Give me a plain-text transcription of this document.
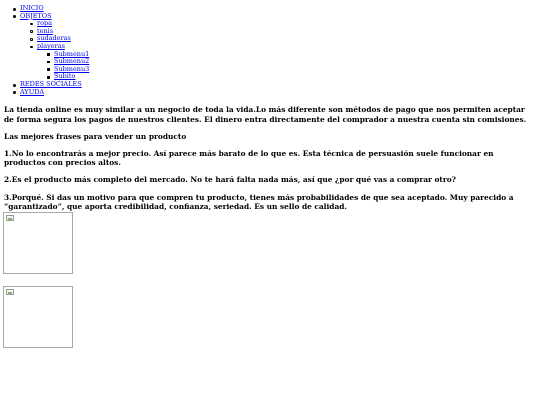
INICIO
OBJETOS
ropa
tenis
sudaderas
playeras
Submenu1
Submenu2
Submenu3
Subito
REDES SOCIALES
AYUDA

La tienda online es muy similar a un negocio de toda la vida.Lo más diferente son métodos de pago que nos permiten aceptar de forma segura los pagos de nuestros clientes. El dinero entra directamente del comprador a nuestra cuenta sin comisiones.

Las mejores frases para vender un producto

1.No lo encontrarás a mejor precio. Así parece más barato de lo que es. Esta técnica de persuasión suele funcionar en productos con precios altos.

2.Es el producto más completo del mercado. No te hará falta nada más, así que ¿por qué vas a comprar otro?

3.Porqué. Si das un motivo para que compren tu producto, tienes más probabilidades de que sea aceptado. Muy parecido a “garantizado”, que aporta credibilidad, confianza, seriedad. Es un sello de calidad.
